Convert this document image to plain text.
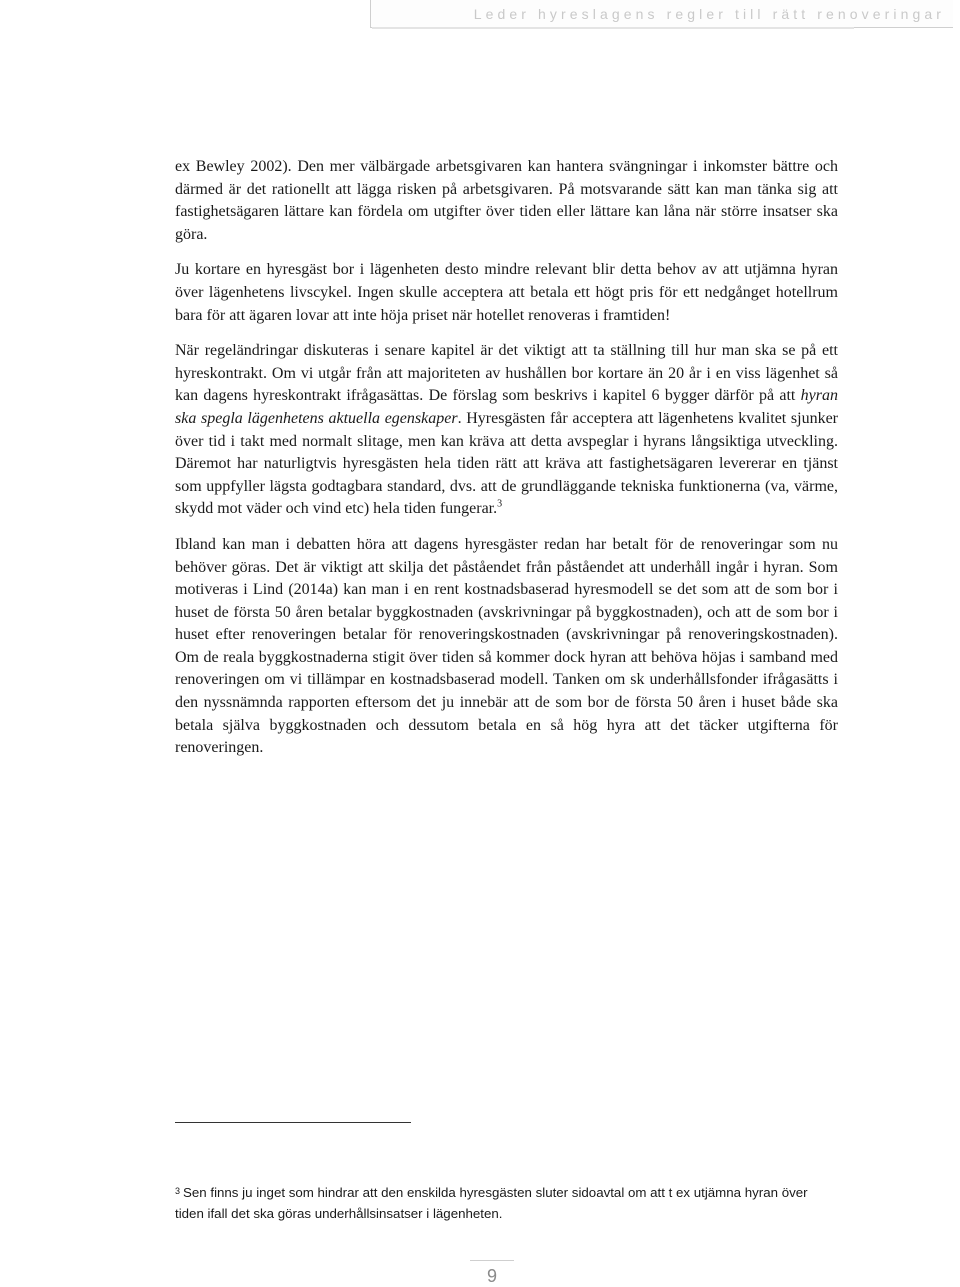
Leder hyreslagens regler till rätt renoveringar

ex Bewley 2002). Den mer välbärgade arbetsgivaren kan hantera svängningar i inkomster bättre och därmed är det rationellt att lägga risken på arbetsgivaren. På motsvarande sätt kan man tänka sig att fastighetsägaren lättare kan fördela om utgifter över tiden eller lättare kan låna när större insatser ska göra.

Ju kortare en hyresgäst bor i lägenheten desto mindre relevant blir detta behov av att utjämna hyran över lägenhetens livscykel. Ingen skulle acceptera att betala ett högt pris för ett nedgånget hotellrum bara för att ägaren lovar att inte höja priset när hotellet renoveras i framtiden!

När regeländringar diskuteras i senare kapitel är det viktigt att ta ställning till hur man ska se på ett hyreskontrakt. Om vi utgår från att majoriteten av hushållen bor kortare än 20 år i en viss lägenhet så kan dagens hyreskontrakt ifrågasättas. De förslag som beskrivs i kapitel 6 bygger därför på att hyran ska spegla lägenhetens aktuella egenskaper. Hyresgästen får acceptera att lägenhetens kvalitet sjunker över tid i takt med normalt slitage, men kan kräva att detta avspeglar i hyrans långsiktiga utveckling. Däremot har naturligtvis hyresgästen hela tiden rätt att kräva att fastighetsägaren levererar en tjänst som uppfyller lägsta godtagbara standard, dvs. att de grundläggande tekniska funktionerna (va, värme, skydd mot väder och vind etc) hela tiden fungerar.$^3$

Ibland kan man i debatten höra att dagens hyresgäster redan har betalt för de renoveringar som nu behöver göras. Det är viktigt att skilja det påståendet från påståendet att underhåll ingår i hyran. Som motiveras i Lind (2014a) kan man i en rent kostnadsbaserad hyresmodell se det som att de som bor i huset de första 50 åren betalar byggkostnaden (avskrivningar på byggkostnaden), och att de som bor i huset efter renoveringen betalar för renoveringskostnaden (avskrivningar på renoveringskostnaden). Om de reala byggkostnaderna stigit över tiden så kommer dock hyran att behöva höjas i samband med renoveringen om vi tillämpar en kostnadsbaserad modell. Tanken om sk underhållsfonder ifrågasätts i den nyssnämnda rapporten eftersom det ju innebär att de som bor de första 50 åren i huset både ska betala själva byggkostnaden och dessutom betala en så hög hyra att det täcker utgifterna för renoveringen.

$^3$ Sen finns ju inget som hindrar att den enskilda hyresgästen sluter sidoavtal om att t ex utjämna hyran över tiden ifall det ska göras underhållsinsatser i lägenheten.
9
